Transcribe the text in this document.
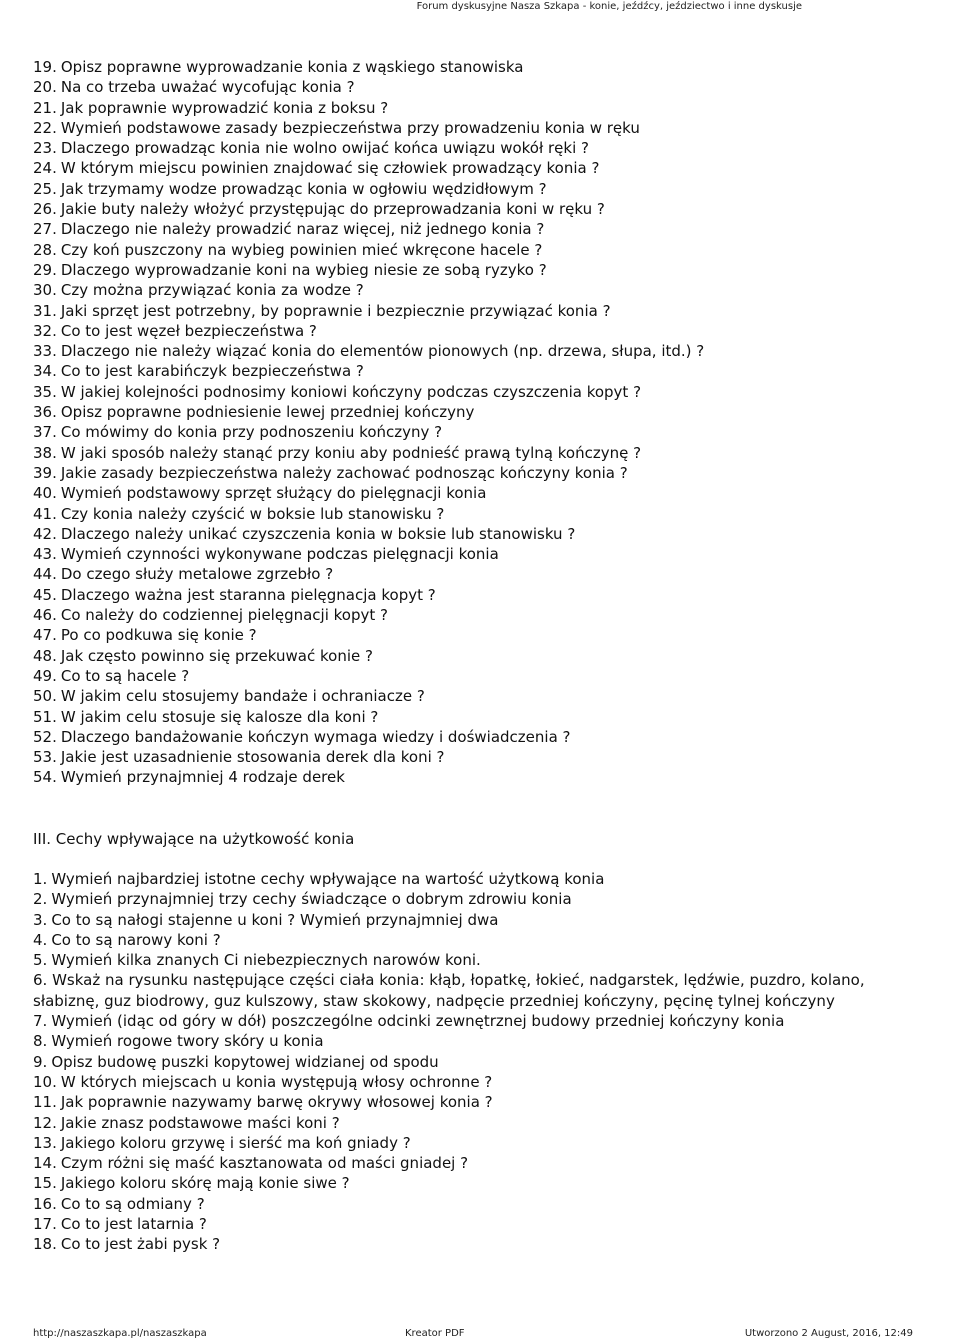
Forum dyskusyjne Nasza Szkapa - konie, jeźdźcy, jeździectwo i inne dyskusje
19. Opisz poprawne wyprowadzanie konia z wąskiego stanowiska
20. Na co trzeba uważać wycofując konia ?
21. Jak poprawnie wyprowadzić konia z boksu ?
22. Wymień podstawowe zasady bezpieczeństwa przy prowadzeniu konia w ręku
23. Dlaczego prowadząc konia nie wolno owijać końca uwiązu wokół ręki ?
24. W którym miejscu powinien znajdować się człowiek prowadzący konia ?
25. Jak trzymamy wodze prowadząc konia w ogłowiu wędzidłowym ?
26. Jakie buty należy włożyć przystępując do przeprowadzania koni w ręku ?
27. Dlaczego nie należy prowadzić naraz więcej, niż jednego konia ?
28. Czy koń puszczony na wybieg powinien mieć wkręcone hacele ?
29. Dlaczego wyprowadzanie koni na wybieg niesie ze sobą ryzyko ?
30. Czy można przywiązać konia za wodze ?
31. Jaki sprzęt jest potrzebny, by poprawnie i bezpiecznie przywiązać konia ?
32. Co to jest węzeł bezpieczeństwa ?
33. Dlaczego nie należy wiązać konia do elementów pionowych (np. drzewa, słupa, itd.) ?
34. Co to jest karabińczyk bezpieczeństwa ?
35. W jakiej kolejności podnosimy koniowi kończyny podczas czyszczenia kopyt ?
36. Opisz poprawne podniesienie lewej przedniej kończyny
37. Co mówimy do konia przy podnoszeniu kończyny ?
38. W jaki sposób należy stanąć przy koniu aby podnieść prawą tylną kończynę ?
39. Jakie zasady bezpieczeństwa należy zachować podnosząc kończyny konia ?
40. Wymień podstawowy sprzęt służący do pielęgnacji konia
41. Czy konia należy czyścić w boksie lub stanowisku ?
42. Dlaczego należy unikać czyszczenia konia w boksie lub stanowisku ?
43. Wymień czynności wykonywane podczas pielęgnacji konia
44. Do czego służy metalowe zgrzebło ?
45. Dlaczego ważna jest staranna pielęgnacja kopyt ?
46. Co należy do codziennej pielęgnacji kopyt ?
47. Po co podkuwa się konie ?
48. Jak często powinno się przekuwać konie ?
49. Co to są hacele ?
50. W jakim celu stosujemy bandaże i ochraniacze ?
51. W jakim celu stosuje się kalosze dla koni ?
52. Dlaczego bandażowanie kończyn wymaga wiedzy i doświadczenia ?
53. Jakie jest uzasadnienie stosowania derek dla koni ?
54. Wymień przynajmniej 4 rodzaje derek
III. Cechy wpływające na użytkowość konia
1. Wymień najbardziej istotne cechy wpływające na wartość użytkową konia
2. Wymień przynajmniej trzy cechy świadczące o dobrym zdrowiu konia
3. Co to są nałogi stajenne u koni ? Wymień przynajmniej dwa
4. Co to są narowy koni ?
5. Wymień kilka znanych Ci niebezpiecznych narowów koni.
6. Wskaż na rysunku następujące części ciała konia: kłąb, łopatkę, łokieć, nadgarstek, lędźwie, puzdro, kolano, słabiznę, guz biodrowy, guz kulszowy, staw skokowy, nadpęcie przedniej kończyny, pęcinę tylnej kończyny
7. Wymień (idąc od góry w dół) poszczególne odcinki zewnętrznej budowy przedniej kończyny konia
8. Wymień rogowe twory skóry u konia
9. Opisz budowę puszki kopytowej widzianej od spodu
10. W których miejscach u konia występują włosy ochronne ?
11. Jak poprawnie nazywamy barwę okrywy włosowej konia ?
12. Jakie znasz podstawowe maści koni ?
13. Jakiego koloru grzywę i sierść ma koń gniady ?
14. Czym różni się maść kasztanowata od maści gniadej ?
15. Jakiego koloru skórę mają konie siwe ?
16. Co to są odmiany ?
17. Co to jest latarnia ?
18. Co to jest żabi pysk ?
http://naszaszkapa.pl/naszaszkapa	Kreator PDF	Utworzono 2 August, 2016, 12:49
